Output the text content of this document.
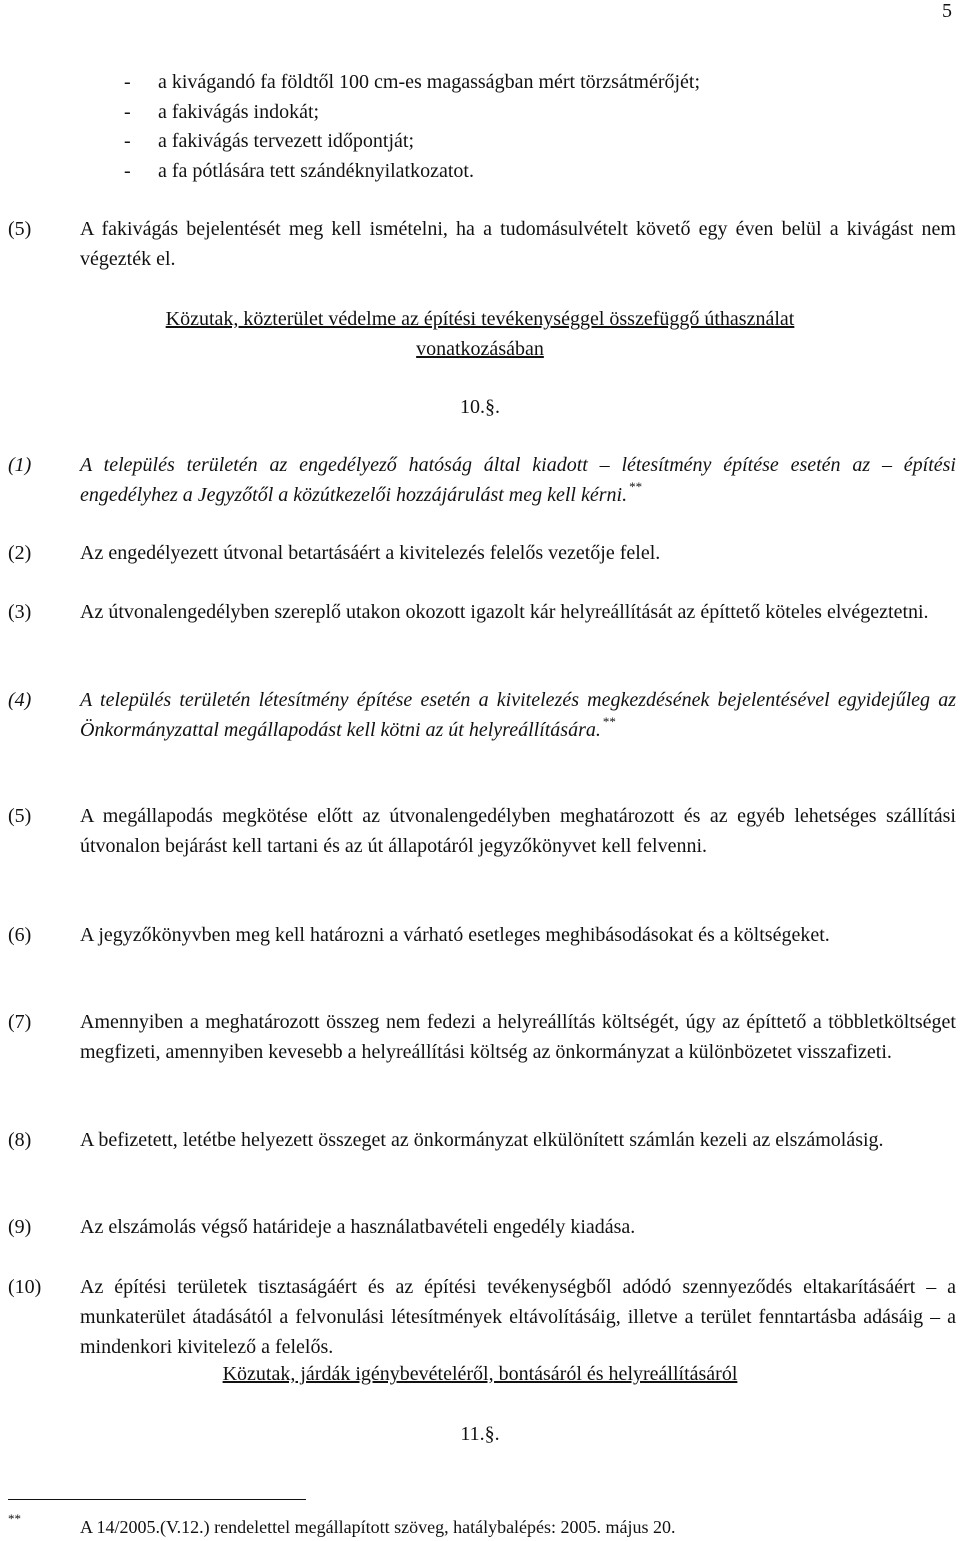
5
- a kivágandó fa földtől 100 cm-es magasságban mért törzsátmérőjét;
- a fakivágás indokát;
- a fakivágás tervezett időpontját;
- a fa pótlására tett szándéknyilatkozatot.
(5) A fakivágás bejelentését meg kell ismételni, ha a tudomásulvételt követő egy éven belül a kivágást nem végezték el.
Közutak, közterület védelme az építési tevékenységgel összefüggő úthasználat
vonatkozásában
10.§.
(1) A település területén az engedélyező hatóság által kiadott – létesítmény építése esetén az – építési engedélyhez a Jegyzőtől a közútkezelői hozzájárulást meg kell kérni. **
(2) Az engedélyezett útvonal betartásáért a kivitelezés felelős vezetője felel.
(3) Az útvonalengedélyben szereplő utakon okozott igazolt kár helyreállítását az építtető köteles elvégeztetni.
(4) A település területén létesítmény építése esetén a kivitelezés megkezdésének bejelentésével egyidejűleg az Önkormányzattal megállapodást kell kötni az út helyreállítására. **
(5) A megállapodás megkötése előtt az útvonalengedélyben meghatározott és az egyéb lehetséges szállítási útvonalon bejárást kell tartani és az út állapotáról jegyzőkönyvet kell felvenni.
(6) A jegyzőkönyvben meg kell határozni a várható esetleges meghibásodásokat és a költségeket.
(7) Amennyiben a meghatározott összeg nem fedezi a helyreállítás költségét, úgy az építtető a többletköltséget megfizeti, amennyiben kevesebb a helyreállítási költség az önkormányzat a különbözetet visszafizeti.
(8) A befizetett, letétbe helyezett összeget az önkormányzat elkülönített számlán kezeli az elszámolásig.
(9) Az elszámolás végső határideje a használatbavételi engedély kiadása.
(10) Az építési területek tisztaságáért és az építési tevékenységből adódó szennyeződés eltakarításáért – a munkaterület átadásától a felvonulási létesítmények eltávolításáig, illetve a terület fenntartásba adásáig – a mindenkori kivitelező a felelős.
Közutak, járdák igénybevételéről, bontásáról és helyreállításáról
11.§.
**	A 14/2005.(V.12.) rendelettel megállapított szöveg, hatálybalépés: 2005. május 20.
